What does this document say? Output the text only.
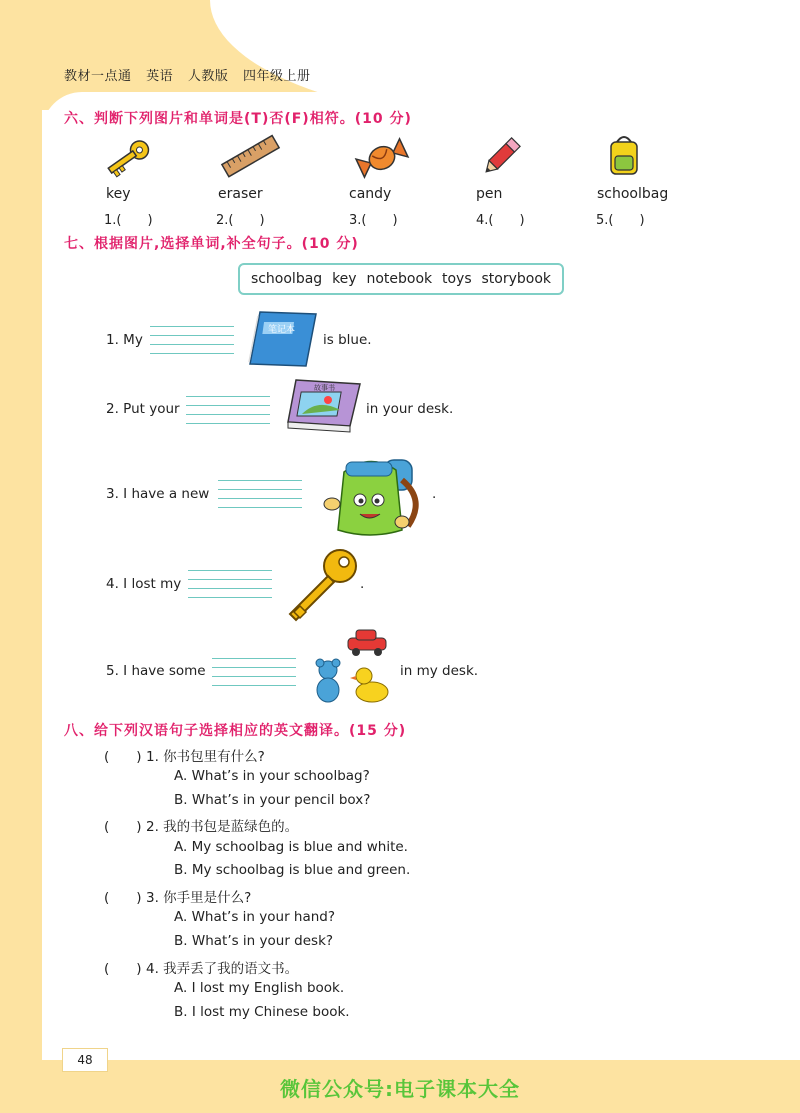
教材一点通 英语 人教版 四年级上册
六、判断下列图片和单词是(T)否(F)相符。(10 分)
key	eraser	candy	pen	schoolbag
1.(　　)	2.(　　)	3.(　　)	4.(　　)	5.(　　)
七、根据图片,选择单词,补全句子。(10 分)
schoolbag key notebook toys storybook
1. My
笔记本
is blue.
2. Put your
故事书
in your desk.
3. I have a new	.
4. I lost my	.
5. I have some	in my desk.
八、给下列汉语句子选择相应的英文翻译。(15 分)
(　　) 1. 你书包里有什么?
A. What’s in your schoolbag?
B. What’s in your pencil box?
(　　) 2. 我的书包是蓝绿色的。
A. My schoolbag is blue and white.
B. My schoolbag is blue and green.
(　　) 3. 你手里是什么?
A. What’s in your hand?
B. What’s in your desk?
(　　) 4. 我弄丢了我的语文书。
A. I lost my English book.
B. I lost my Chinese book.
48
微信公众号:电子课本大全
